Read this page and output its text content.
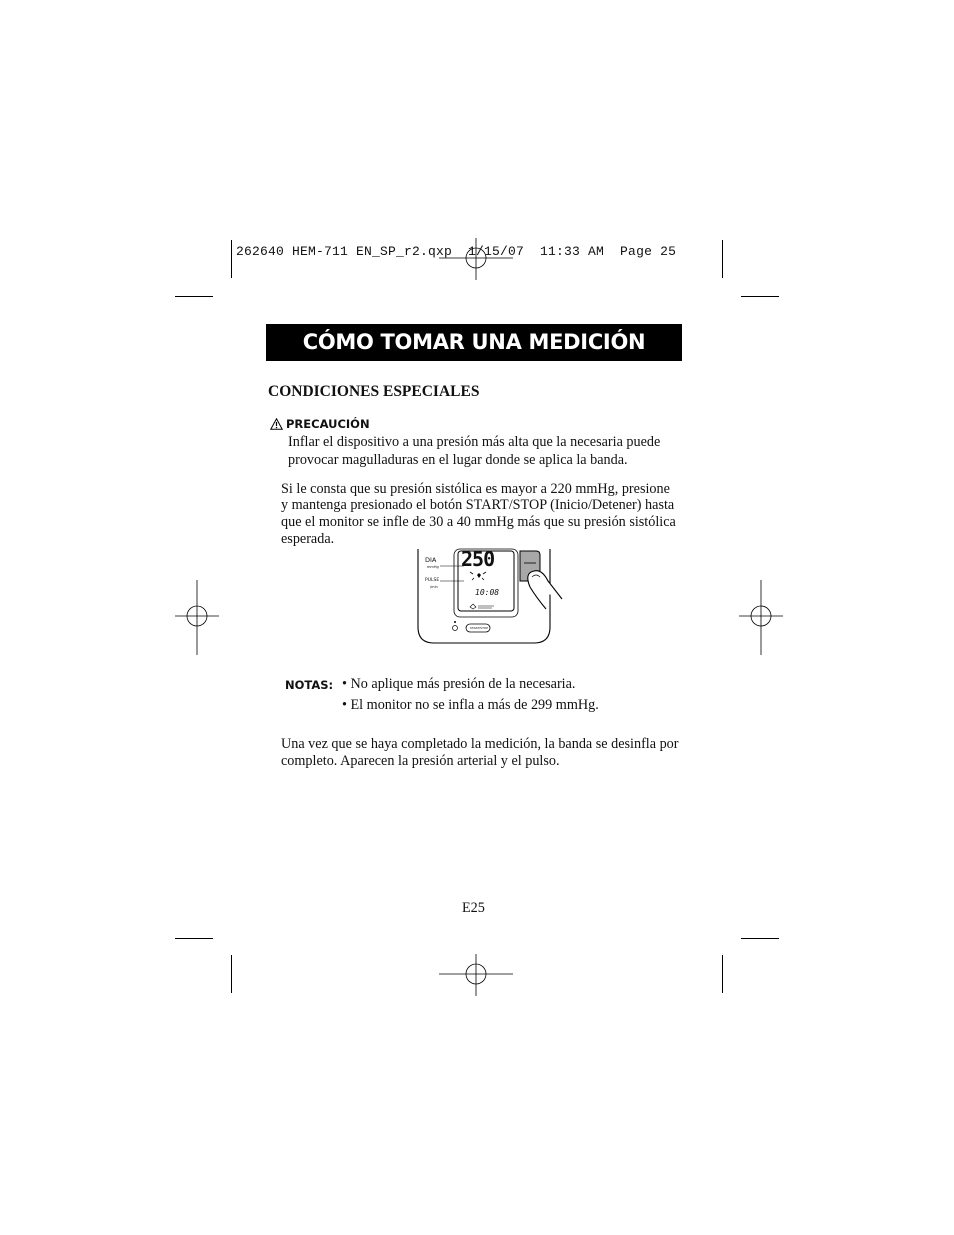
262640 HEM-711 EN_SP_r2.qxp  1/15/07  11:33 AM  Page 25
CÓMO TOMAR UNA MEDICIÓN
CONDICIONES ESPECIALES
PRECAUCIÓN
Inflar el dispositivo a una presión más alta que la necesaria puede
provocar magulladuras en el lugar donde se aplica la banda.
Si le consta que su presión sistólica es mayor a 220 mmHg, presione
y mantenga presionado el botón START/STOP (Inicio/Detener) hasta
que el monitor se infle de 30 a 40 mmHg más que su presión sistólica
esperada.
250
10:08
DIA
mmHg
PULSE
/min
START/STOP
NOTAS: • No aplique más presión de la necesaria.
• El monitor no se infla a más de 299 mmHg.
Una vez que se haya completado la medición, la banda se desinfla por
completo. Aparecen la presión arterial y el pulso.
E25
